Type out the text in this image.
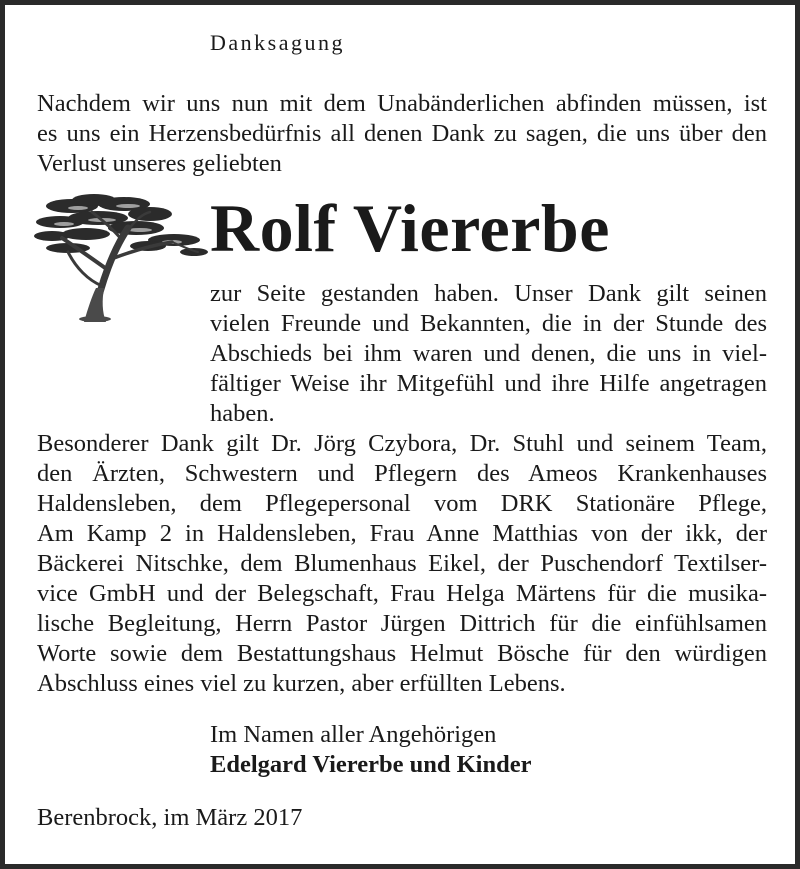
Danksagung
Nachdem wir uns nun mit dem Unabänderlichen abfinden müssen, ist
es uns ein Herzensbedürfnis all denen Dank zu sagen, die uns über den
Verlust unseres geliebten
Rolf Viererbe
zur Seite gestanden haben. Unser Dank gilt seinen
vielen Freunde und Bekannten, die in der Stunde des
Abschieds bei ihm waren und denen, die uns in viel-
fältiger Weise ihr Mitgefühl und ihre Hilfe angetragen
haben.
Besonderer Dank gilt Dr. Jörg Czybora, Dr. Stuhl und seinem Team,
den Ärzten, Schwestern und Pflegern des Ameos Krankenhauses
Haldensleben, dem Pflegepersonal vom DRK Stationäre Pflege,
Am Kamp 2 in Haldensleben, Frau Anne Matthias von der ikk, der
Bäckerei Nitschke, dem Blumenhaus Eikel, der Puschendorf Textilser-
vice GmbH und der Belegschaft, Frau Helga Märtens für die musika-
lische Begleitung, Herrn Pastor Jürgen Dittrich für die einfühlsamen
Worte sowie dem Bestattungshaus Helmut Bösche für den würdigen
Abschluss eines viel zu kurzen, aber erfüllten Lebens.
Im Namen aller Angehörigen
Edelgard Viererbe und Kinder
Berenbrock, im März 2017
